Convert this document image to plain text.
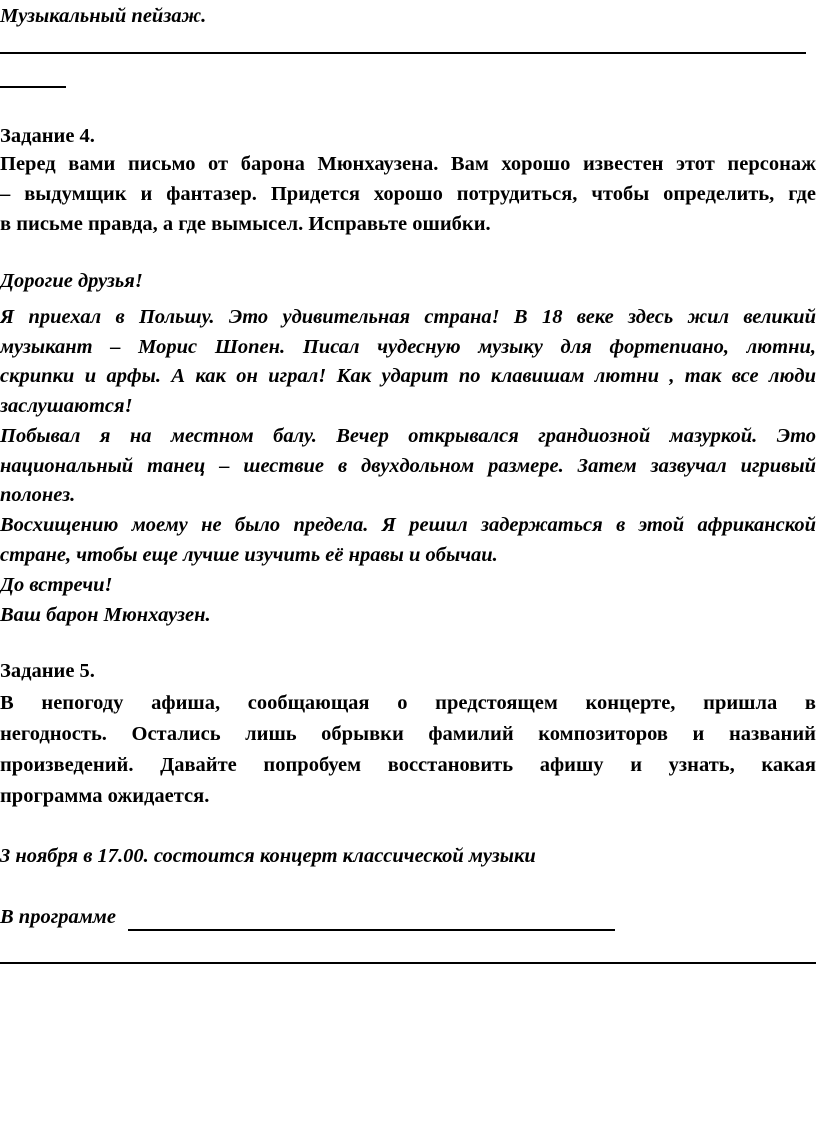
Музыкальный пейзаж.
Задание 4.
Перед вами письмо от барона Мюнхаузена. Вам хорошо известен этот персонаж
– выдумщик и фантазер. Придется хорошо потрудиться, чтобы определить, где
в письме правда, а где вымысел. Исправьте ошибки.
Дорогие друзья!
Я приехал в Польшу. Это удивительная страна! В 18 веке здесь жил великий
музыкант – Морис Шопен. Писал чудесную музыку для фортепиано, лютни,
скрипки и арфы. А как он играл! Как ударит по клавишам лютни , так все люди
заслушаются!
Побывал я на местном балу. Вечер открывался грандиозной мазуркой. Это
национальный танец – шествие в двухдольном размере. Затем зазвучал игривый
полонез.
Восхищению моему не было предела. Я решил задержаться в этой африканской
стране, чтобы еще лучше изучить её нравы и обычаи.
До встречи!
Ваш барон Мюнхаузен.
Задание 5.
В непогоду афиша, сообщающая о предстоящем концерте, пришла в
негодность. Остались лишь обрывки фамилий композиторов и названий
произведений. Давайте попробуем восстановить афишу и узнать, какая
программа ожидается.
3 ноября в 17.00. состоится концерт классической музыки
В программе
